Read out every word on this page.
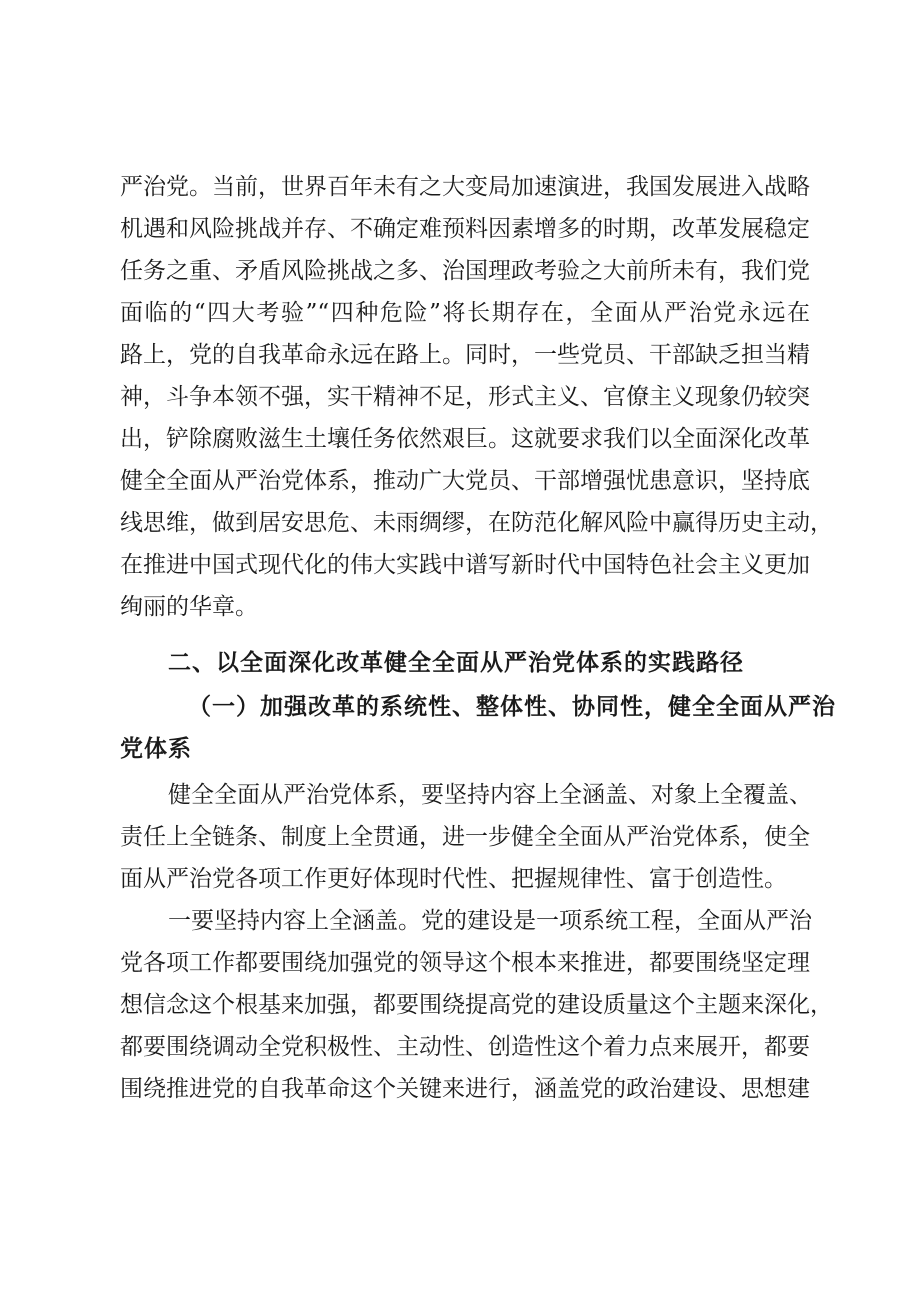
严治党。当前，世界百年未有之大变局加速演进，我国发展进入战略
机遇和风险挑战并存、不确定难预料因素增多的时期，改革发展稳定
任务之重、矛盾风险挑战之多、治国理政考验之大前所未有，我们党
面临的“四大考验”“四种危险”将长期存在，全面从严治党永远在
路上，党的自我革命永远在路上。同时，一些党员、干部缺乏担当精
神，斗争本领不强，实干精神不足，形式主义、官僚主义现象仍较突
出，铲除腐败滋生土壤任务依然艰巨。这就要求我们以全面深化改革
健全全面从严治党体系，推动广大党员、干部增强忧患意识，坚持底
线思维，做到居安思危、未雨绸缪，在防范化解风险中赢得历史主动，
在推进中国式现代化的伟大实践中谱写新时代中国特色社会主义更加
绚丽的华章。
二、以全面深化改革健全全面从严治党体系的实践路径
（一）加强改革的系统性、整体性、协同性，健全全面从严治
党体系
健全全面从严治党体系，要坚持内容上全涵盖、对象上全覆盖、
责任上全链条、制度上全贯通，进一步健全全面从严治党体系，使全
面从严治党各项工作更好体现时代性、把握规律性、富于创造性。
一要坚持内容上全涵盖。党的建设是一项系统工程，全面从严治
党各项工作都要围绕加强党的领导这个根本来推进，都要围绕坚定理
想信念这个根基来加强，都要围绕提高党的建设质量这个主题来深化，
都要围绕调动全党积极性、主动性、创造性这个着力点来展开，都要
围绕推进党的自我革命这个关键来进行，涵盖党的政治建设、思想建
